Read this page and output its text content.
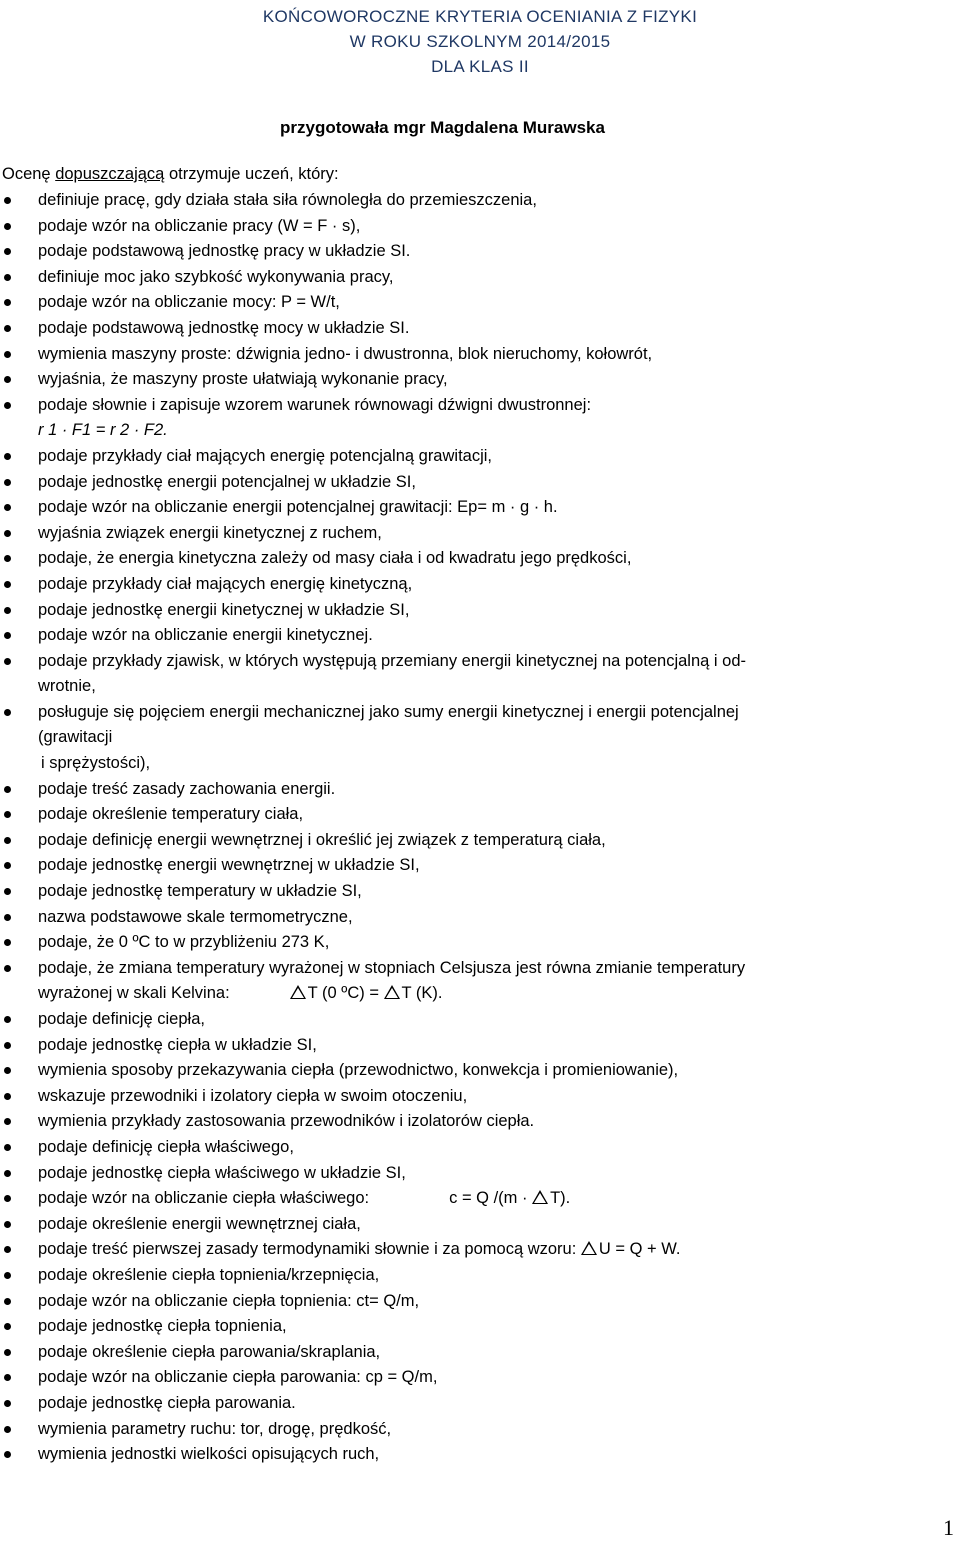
KOŃCOWOROCZNE KRYTERIA OCENIANIA Z FIZYKI
W ROKU SZKOLNYM 2014/2015
DLA KLAS II
przygotowała mgr Magdalena Murawska
Ocenę dopuszczającą otrzymuje uczeń, który:
definiuje pracę, gdy działa stała siła równoległa do przemieszczenia,
podaje wzór na obliczanie pracy (W = F · s),
podaje podstawową jednostkę pracy w układzie SI.
definiuje moc jako szybkość wykonywania pracy,
podaje wzór na obliczanie mocy: P = W/t,
podaje podstawową jednostkę mocy w układzie SI.
wymienia maszyny proste: dźwignia jedno- i dwustronna, blok nieruchomy, kołowrót,
wyjaśnia, że maszyny proste ułatwiają wykonanie pracy,
podaje słownie i zapisuje wzorem warunek równowagi dźwigni dwustronnej:
r 1 · F1 = r 2 · F2.
podaje przykłady ciał mających energię potencjalną grawitacji,
podaje jednostkę energii potencjalnej w układzie SI,
podaje wzór na obliczanie energii potencjalnej grawitacji: Ep= m · g · h.
wyjaśnia związek energii kinetycznej z ruchem,
podaje, że energia kinetyczna zależy od masy ciała i od kwadratu jego prędkości,
podaje przykłady ciał mających energię kinetyczną,
podaje jednostkę energii kinetycznej w układzie SI,
podaje wzór na obliczanie energii kinetycznej.
podaje przykłady zjawisk, w których występują przemiany energii kinetycznej na potencjalną i od-
wrotnie,
posługuje się pojęciem energii mechanicznej jako sumy energii kinetycznej i energii potencjalnej
(grawitacji
i sprężystości),
podaje treść zasady zachowania energii.
podaje określenie temperatury ciała,
podaje definicję energii wewnętrznej i określić jej związek z temperaturą ciała,
podaje jednostkę energii wewnętrznej w układzie SI,
podaje jednostkę temperatury w układzie SI,
nazwa podstawowe skale termometryczne,
podaje, że 0 ºC to w przybliżeniu 273 K,
podaje, że zmiana temperatury wyrażonej w stopniach Celsjusza jest równa zmianie temperatury
wyrażonej w skali Kelvina:	T (0 ºC) = T (K).
podaje definicję ciepła,
podaje jednostkę ciepła w układzie SI,
wymienia sposoby przekazywania ciepła (przewodnictwo, konwekcja i promieniowanie),
wskazuje przewodniki i izolatory ciepła w swoim otoczeniu,
wymienia przykłady zastosowania przewodników i izolatorów ciepła.
podaje definicję ciepła właściwego,
podaje jednostkę ciepła właściwego w układzie SI,
podaje wzór na obliczanie ciepła właściwego:	c = Q /(m · T).
podaje określenie energii wewnętrznej ciała,
podaje treść pierwszej zasady termodynamiki słownie i za pomocą wzoru: U = Q + W.
podaje określenie ciepła topnienia/krzepnięcia,
podaje wzór na obliczanie ciepła topnienia: ct= Q/m,
podaje jednostkę ciepła topnienia,
podaje określenie ciepła parowania/skraplania,
podaje wzór na obliczanie ciepła parowania: cp = Q/m,
podaje jednostkę ciepła parowania.
wymienia parametry ruchu: tor, drogę, prędkość,
wymienia jednostki wielkości opisujących ruch,
1
